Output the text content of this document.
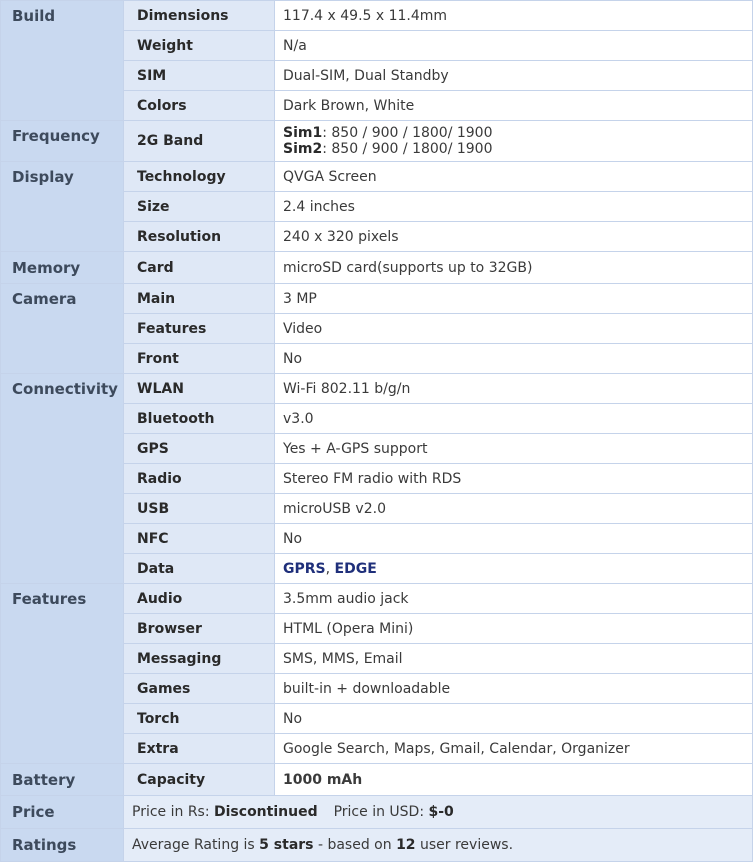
Build	Dimensions	117.4 x 49.5 x 11.4mm
	Weight	N/a
	SIM	Dual-SIM, Dual Standby
	Colors	Dark Brown, White
Frequency	2G Band	Sim1: 850 / 900 / 1800/ 1900
Sim2: 850 / 900 / 1800/ 1900

Display	Technology	QVGA Screen
	Size	2.4 inches
	Resolution	240 x 320 pixels
Memory	Card	microSD card(supports up to 32GB)
Camera	Main	3 MP
	Features	Video
	Front	No
Connectivity	WLAN	Wi-Fi 802.11 b/g/n
	Bluetooth	v3.0
	GPS	Yes + A-GPS support
	Radio	Stereo FM radio with RDS
	USB	microUSB v2.0
	NFC	No
	Data	GPRS, EDGE
Features	Audio	3.5mm audio jack
	Browser	HTML (Opera Mini)
	Messaging	SMS, MMS, Email
	Games	built-in + downloadable
	Torch	No
	Extra	Google Search, Maps, Gmail, Calendar, Organizer
Battery	Capacity	1000 mAh
Price	Price in Rs: Discontinued Price in USD: $-0	
Ratings	Average Rating is 5 stars - based on 12 user reviews.	
